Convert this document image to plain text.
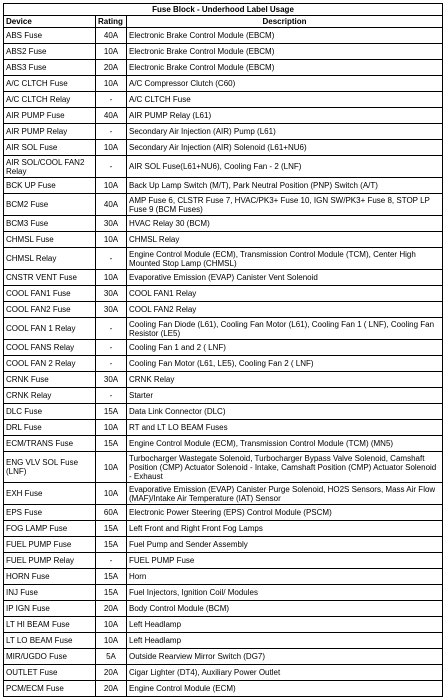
Fuse Block - Underhood Label Usage		
Device	Rating	Description
ABS Fuse	40A	Electronic Brake Control Module (EBCM)
ABS2 Fuse	10A	Electronic Brake Control Module (EBCM)
ABS3 Fuse	20A	Electronic Brake Control Module (EBCM)
A/C CLTCH Fuse	10A	A/C Compressor Clutch (C60)
A/C CLTCH Relay	-	A/C CLTCH Fuse
AIR PUMP Fuse	40A	AIR PUMP Relay (L61)
AIR PUMP Relay	-	Secondary Air Injection (AIR) Pump (L61)
AIR SOL Fuse	10A	Secondary Air Injection (AIR) Solenoid (L61+NU6)
AIR SOL/COOL FAN2 Relay	-	AIR SOL Fuse(L61+NU6), Cooling Fan - 2 (LNF)
BCK UP Fuse	10A	Back Up Lamp Switch (M/T), Park Neutral Position (PNP) Switch (A/T)
BCM2 Fuse	40A	AMP Fuse 6, CLSTR Fuse 7, HVAC/PK3+ Fuse 10, IGN SW/PK3+ Fuse 8, STOP LP Fuse 9 (BCM Fuses)
BCM3 Fuse	30A	HVAC Relay 30 (BCM)
CHMSL Fuse	10A	CHMSL Relay
CHMSL Relay	-	Engine Control Module (ECM), Transmission Control Module (TCM), Center High Mounted Stop Lamp (CHMSL)
CNSTR VENT Fuse	10A	Evaporative Emission (EVAP) Canister Vent Solenoid
COOL FAN1 Fuse	30A	COOL FAN1 Relay
COOL FAN2 Fuse	30A	COOL FAN2 Relay
COOL FAN 1 Relay	-	Cooling Fan Diode (L61), Cooling Fan Motor (L61), Cooling Fan 1 ( LNF), Cooling Fan Resistor (LE5)
COOL FANS Relay	-	Cooling Fan 1 and 2 ( LNF)
COOL FAN 2 Relay	-	Cooling Fan Motor (L61, LE5), Cooling Fan 2 ( LNF)
CRNK Fuse	30A	CRNK Relay
CRNK Relay	-	Starter
DLC Fuse	15A	Data Link Connector (DLC)
DRL Fuse	10A	RT and LT LO BEAM Fuses
ECM/TRANS Fuse	15A	Engine Control Module (ECM), Transmission Control Module (TCM) (MN5)
ENG VLV SOL Fuse (LNF)	10A	Turbocharger Wastegate Solenoid, Turbocharger Bypass Valve Solenoid, Camshaft Position (CMP) Actuator Solenoid - Intake, Camshaft Position (CMP) Actuator Solenoid - Exhaust
EXH Fuse	10A	Evaporative Emission (EVAP) Canister Purge Solenoid, HO2S Sensors, Mass Air Flow (MAF)/Intake Air Temperature (IAT) Sensor
EPS Fuse	60A	Electronic Power Steering (EPS) Control Module (PSCM)
FOG LAMP Fuse	15A	Left Front and Right Front Fog Lamps
FUEL PUMP Fuse	15A	Fuel Pump and Sender Assembly
FUEL PUMP Relay	-	FUEL PUMP Fuse
HORN Fuse	15A	Horn
INJ Fuse	15A	Fuel Injectors, Ignition Coil/ Modules
IP IGN Fuse	20A	Body Control Module (BCM)
LT HI BEAM Fuse	10A	Left Headlamp
LT LO BEAM Fuse	10A	Left Headlamp
MIR/UGDO Fuse	5A	Outside Rearview Mirror Switch (DG7)
OUTLET Fuse	20A	Cigar Lighter (DT4), Auxiliary Power Outlet
PCM/ECM Fuse	20A	Engine Control Module (ECM)
